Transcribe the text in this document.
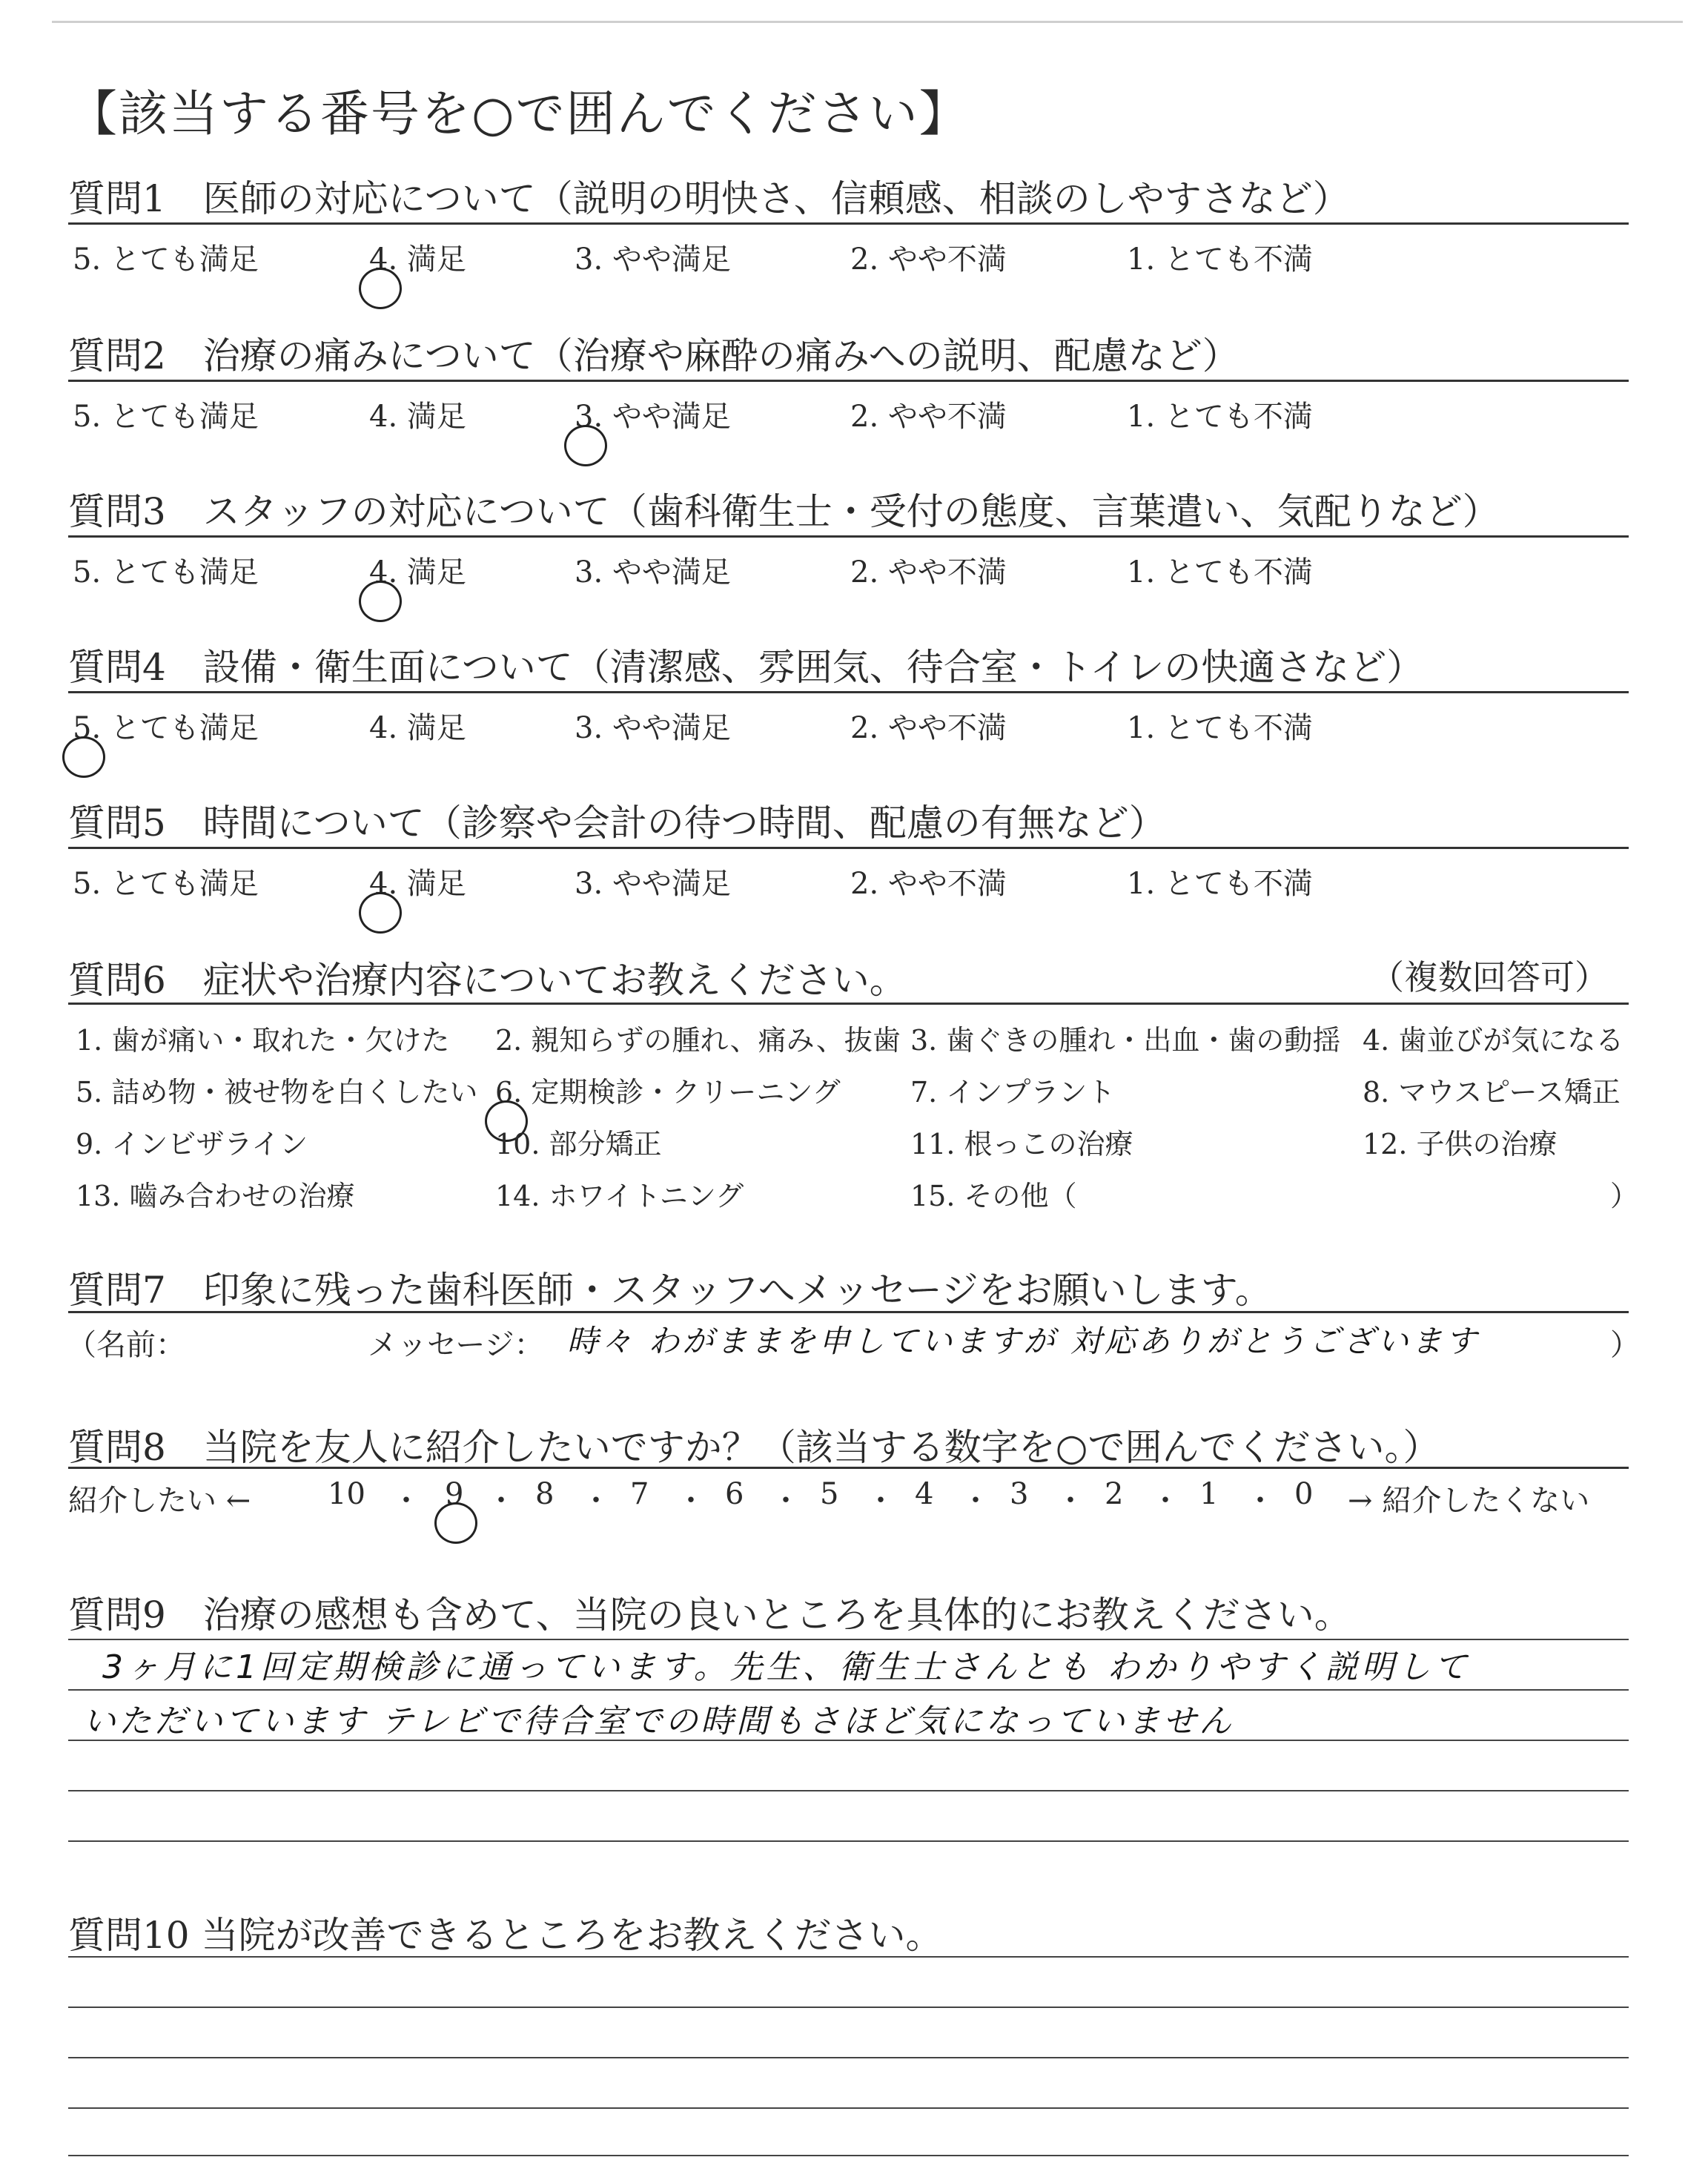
【該当する番号を○で囲んでください】
質問1　医師の対応について（説明の明快さ、信頼感、相談のしやすさなど）
5. とても満足	4. 満足	3. やや満足	2. やや不満	1. とても不満
質問2　治療の痛みについて（治療や麻酔の痛みへの説明、配慮など）
5. とても満足	4. 満足	3. やや満足	2. やや不満	1. とても不満
質問3　スタッフの対応について（歯科衛生士・受付の態度、言葉遣い、気配りなど）
5. とても満足	4. 満足	3. やや満足	2. やや不満	1. とても不満
質問4　設備・衛生面について（清潔感、雰囲気、待合室・トイレの快適さなど）
5. とても満足	4. 満足	3. やや満足	2. やや不満	1. とても不満
質問5　時間について（診察や会計の待つ時間、配慮の有無など）
5. とても満足	4. 満足	3. やや満足	2. やや不満	1. とても不満
質問6　症状や治療内容についてお教えください。	（複数回答可）
1. 歯が痛い・取れた・欠けた 2. 親知らずの腫れ、痛み、抜歯 3. 歯ぐきの腫れ・出血・歯の動揺 4. 歯並びが気になる
5. 詰め物・被せ物を白くしたい 6. 定期検診・クリーニング 7. インプラント	8. マウスピース矯正
9. インビザライン	10. 部分矯正	11. 根っこの治療	12. 子供の治療
13. 嚙み合わせの治療	14. ホワイトニング	15. その他（	）
質問7　印象に残った歯科医師・スタッフへメッセージをお願いします。
（名前：	メッセージ： 時々 わがままを申していますが 対応ありがとうございます	）
質問8　当院を友人に紹介したいですか？（該当する数字を○で囲んでください。）
紹介したい ←	10 ・ 9 ・ 8 ・ 7 ・ 6 ・ 5 ・ 4 ・ 3 ・ 2 ・ 1 ・ 0 → 紹介したくない
質問9　治療の感想も含めて、当院の良いところを具体的にお教えください。
3ヶ月に1回定期検診に通っています。先生、衛生士さんとも わかりやすく説明して
いただいています テレビで待合室での時間もさほど気になっていません
質問10 当院が改善できるところをお教えください。
